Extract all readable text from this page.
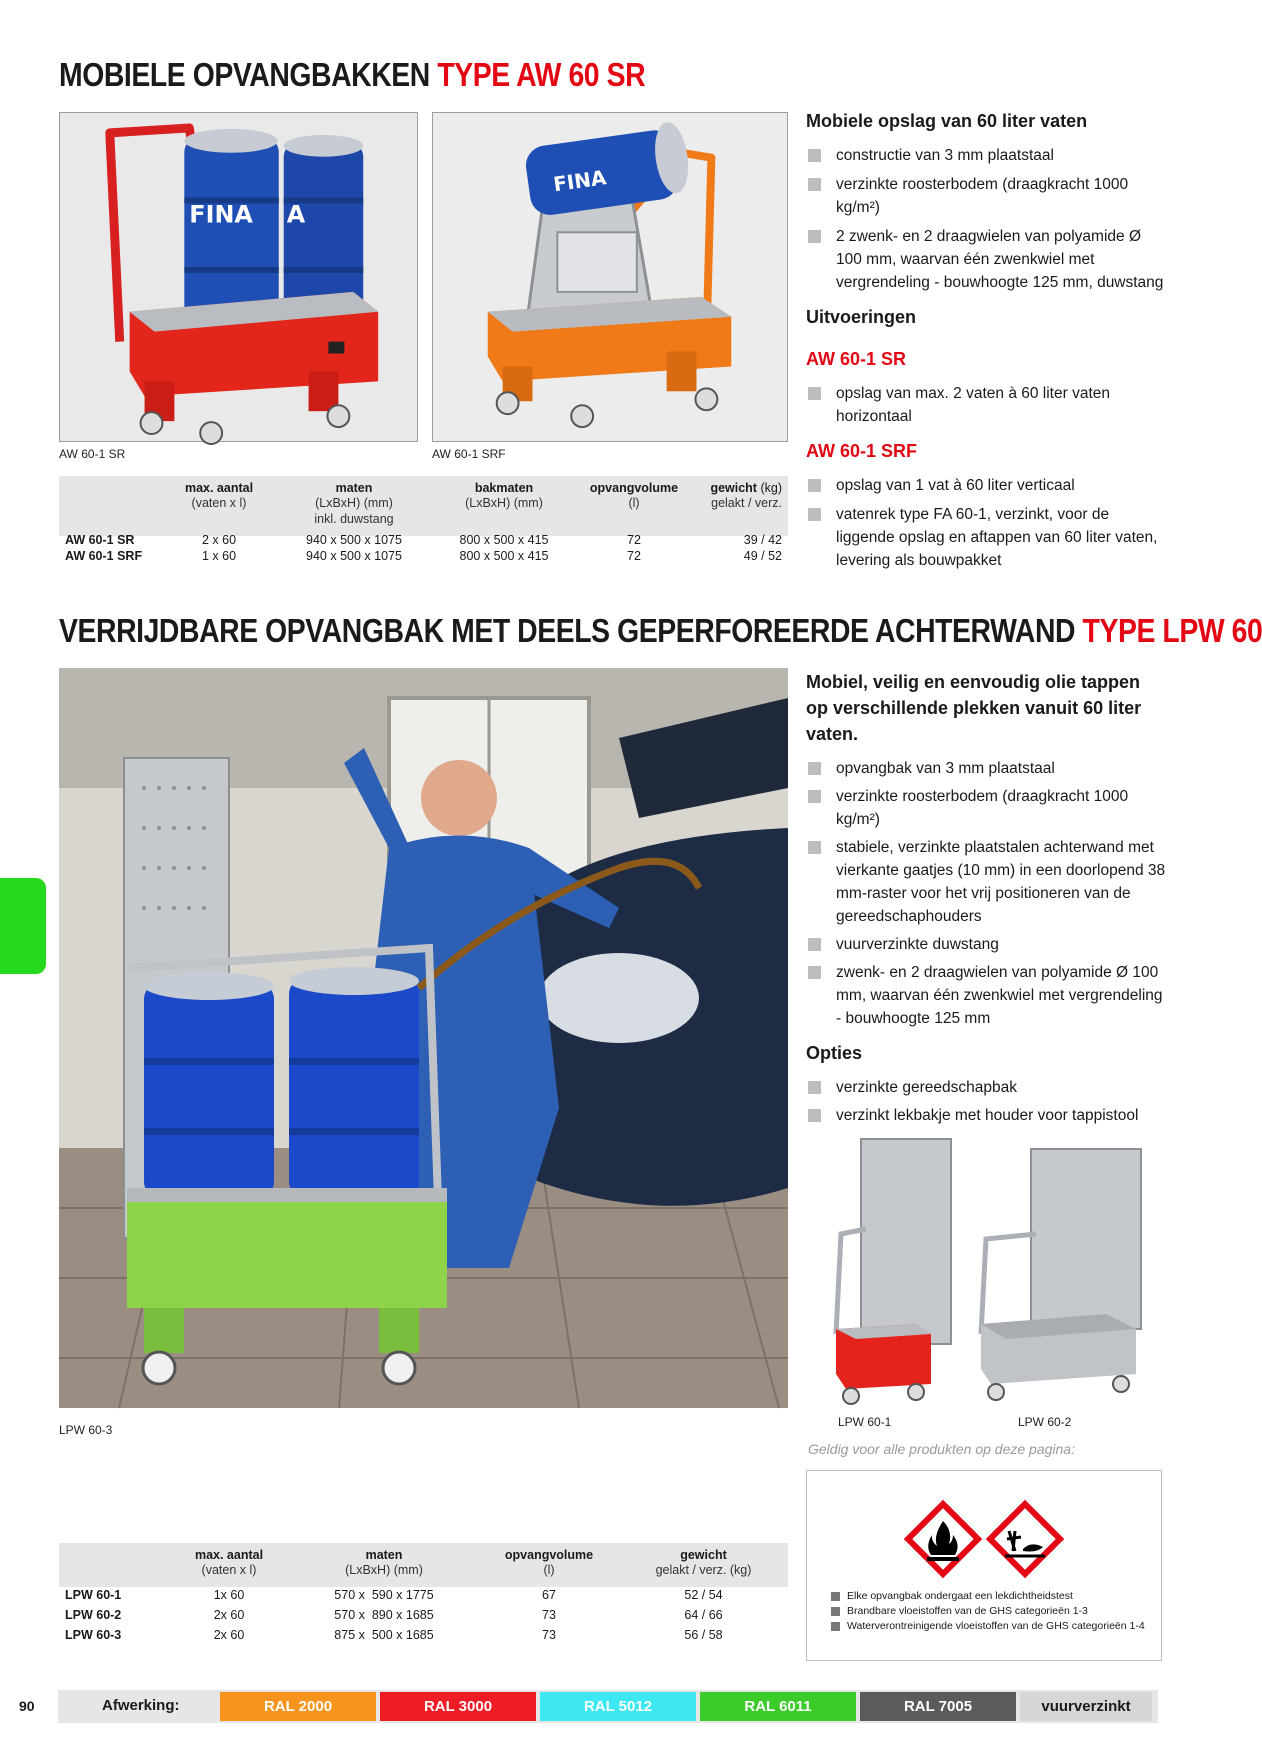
MOBIELE OPVANGBAKKEN TYPE AW 60 SR
FINA A
AW 60-1 SR
FINA
AW 60-1 SRF
Mobiele opslag van 60 liter vaten
constructie van 3 mm plaatstaal
verzinkte roosterbodem (draagkracht 1000 kg/m²)
2 zwenk- en 2 draagwielen van polyamide Ø 100 mm, waarvan één zwenkwiel met vergrendeling - bouwhoogte 125 mm, duwstang
Uitvoeringen
AW 60-1 SR
opslag van max. 2 vaten à 60 liter vaten horizontaal
AW 60-1 SRF
opslag van 1 vat à 60 liter verticaal
vatenrek type FA 60-1, verzinkt, voor de liggende opslag en aftappen van 60 liter vaten, levering als bouwpakket
	max. aantal	maten	bakmaten	opvangvolume	gewicht (kg)
	(vaten x l)	(LxBxH) (mm)	(LxBxH) (mm)	(l)	gelakt / verz.
		inkl. duwstang			
AW 60-1 SR	2 x 60	940 x 500 x 1075	800 x 500 x 415	72	39 / 42
AW 60-1 SRF	1 x 60	940 x 500 x 1075	800 x 500 x 415	72	49 / 52
VERRIJDBARE OPVANGBAK MET DEELS GEPERFOREERDE ACHTERWAND TYPE LPW 60
LPW 60-3
Mobiel, veilig en eenvoudig olie tappen op verschillende plekken vanuit 60 liter vaten.
opvangbak van 3 mm plaatstaal
verzinkte roosterbodem (draagkracht 1000 kg/m²)
stabiele, verzinkte plaatstalen achterwand met vierkante gaatjes (10 mm) in een doorlopend 38 mm-raster voor het vrij positioneren van de gereedschaphouders
vuurverzinkte duwstang
zwenk- en 2 draagwielen van polyamide Ø 100 mm, waarvan één zwenkwiel met vergrendeling - bouwhoogte 125 mm
Opties
verzinkte gereedschapbak
verzinkt lekbakje met houder voor tappistool
LPW 60-1	LPW 60-2
Geldig voor alle produkten op deze pagina:
Elke opvangbak ondergaat een lekdichtheidstest
Brandbare vloeistoffen van de GHS categorieën 1-3
Waterverontreinigende vloeistoffen van de GHS categorieën 1-4
	max. aantal	maten	opvangvolume	gewicht
	(vaten x l)	(LxBxH) (mm)	(l)	gelakt / verz. (kg)
LPW 60-1	1x 60	570 x  590 x 1775	67	52 / 54
LPW 60-2	2x 60	570 x  890 x 1685	73	64 / 66
LPW 60-3	2x 60	875 x  500 x 1685	73	56 / 58
90	Afwerking:	RAL 2000	RAL 3000	RAL 5012	RAL 6011	RAL 7005	vuurverzinkt
